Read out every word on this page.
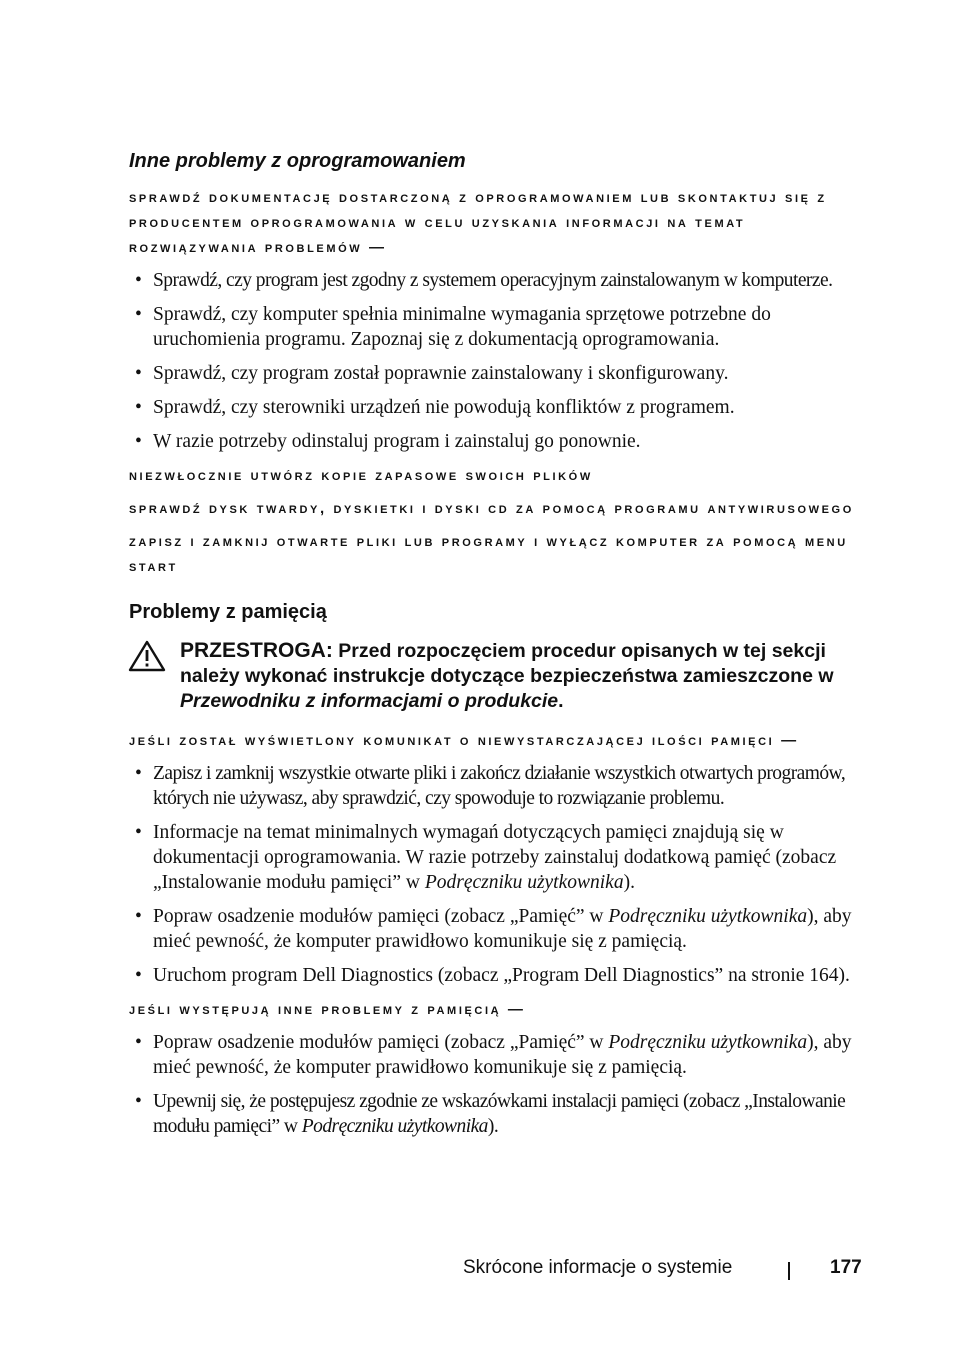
Inne problemy z oprogramowaniem
sprawdź dokumentację dostarczoną z oprogramowaniem lub skontaktuj się z producentem oprogramowania w celu uzyskania informacji na temat rozwiązywania problemów —
• Sprawdź, czy program jest zgodny z systemem operacyjnym zainstalowanym w komputerze.
• Sprawdź, czy komputer spełnia minimalne wymagania sprzętowe potrzebne do uruchomienia programu. Zapoznaj się z dokumentacją oprogramowania.
• Sprawdź, czy program został poprawnie zainstalowany i skonfigurowany.
• Sprawdź, czy sterowniki urządzeń nie powodują konfliktów z programem.
• W razie potrzeby odinstaluj program i zainstaluj go ponownie.
niezwłocznie utwórz kopie zapasowe swoich plików
sprawdź dysk twardy, dyskietki i dyski cd za pomocą programu antywirusowego
zapisz i zamknij otwarte pliki lub programy i wyłącz komputer za pomocą menu start
Problemy z pamięcią
PRZESTROGA: Przed rozpoczęciem procedur opisanych w tej sekcji należy wykonać instrukcje dotyczące bezpieczeństwa zamieszczone w Przewodniku z informacjami o produkcie.
jeśli został wyświetlony komunikat o niewystarczającej ilości pamięci —
• Zapisz i zamknij wszystkie otwarte pliki i zakończ działanie wszystkich otwartych programów, których nie używasz, aby sprawdzić, czy spowoduje to rozwiązanie problemu.
• Informacje na temat minimalnych wymagań dotyczących pamięci znajdują się w dokumentacji oprogramowania. W razie potrzeby zainstaluj dodatkową pamięć (zobacz „Instalowanie modułu pamięci” w Podręczniku użytkownika).
• Popraw osadzenie modułów pamięci (zobacz „Pamięć” w Podręczniku użytkownika), aby mieć pewność, że komputer prawidłowo komunikuje się z pamięcią.
• Uruchom program Dell Diagnostics (zobacz „Program Dell Diagnostics” na stronie 164).
jeśli występują inne problemy z pamięcią —
• Popraw osadzenie modułów pamięci (zobacz „Pamięć” w Podręczniku użytkownika), aby mieć pewność, że komputer prawidłowo komunikuje się z pamięcią.
• Upewnij się, że postępujesz zgodnie ze wskazówkami instalacji pamięci (zobacz „Instalowanie modułu pamięci” w Podręczniku użytkownika).
Skrócone informacje o systemie	177
